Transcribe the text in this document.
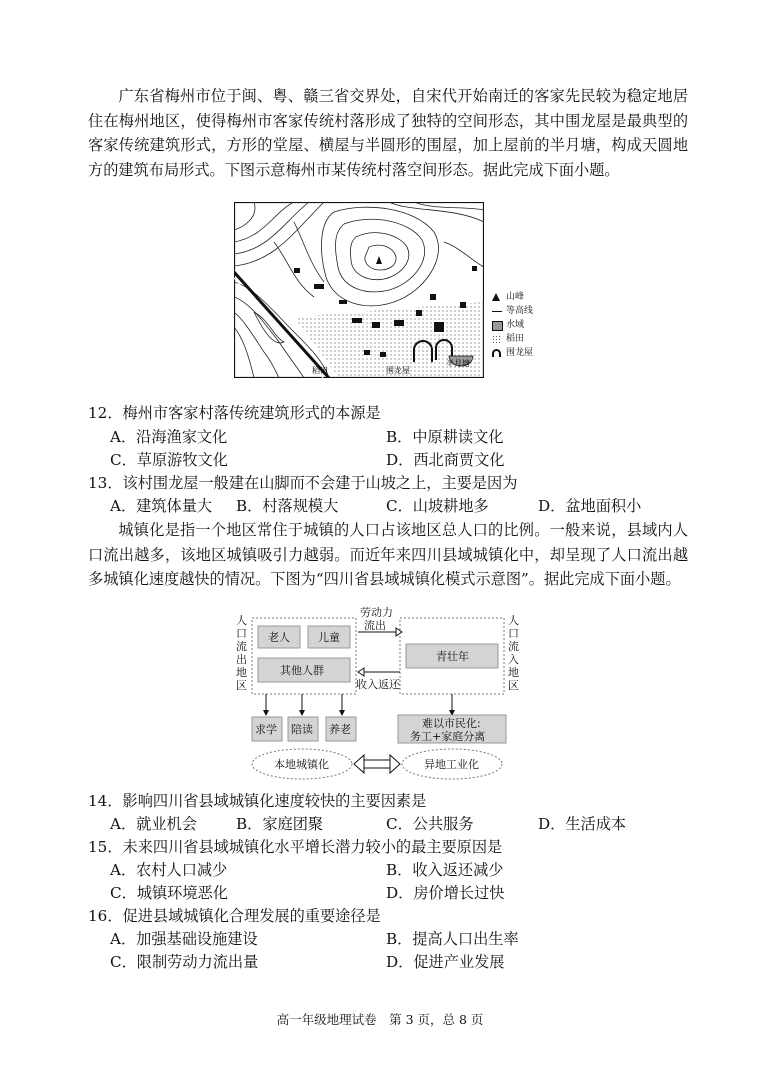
广东省梅州市位于闽、粤、赣三省交界处，自宋代开始南迁的客家先民较为稳定地居住在梅州地区，使得梅州市客家传统村落形成了独特的空间形态，其中围龙屋是最典型的客家传统建筑形式，方形的堂屋、横屋与半圆形的围屋，加上屋前的半月塘，构成天圆地方的建筑布局形式。下图示意梅州市某传统村落空间形态。据此完成下面小题。
稻田	围龙屋
半月塘
山峰
等高线
水域
稻田
围龙屋
12．梅州市客家村落传统建筑形式的本源是
A．沿海渔家文化	B．中原耕读文化
C．草原游牧文化	D．西北商贾文化
13．该村围龙屋一般建在山脚而不会建于山坡之上，主要是因为
A．建筑体量大 B．村落规模大	C．山坡耕地多	D．盆地面积小
城镇化是指一个地区常住于城镇的人口占该地区总人口的比例。一般来说，县域内人口流出越多，该地区城镇吸引力越弱。而近年来四川县域城镇化中，却呈现了人口流出越多城镇化速度越快的情况。下图为“四川省县域城镇化模式示意图”。据此完成下面小题。
人口流出地区
人口流入地区
老人	儿童
其他人群
青壮年
劳动力流出
收入返还
求学 陪读 养老	难以市民化:
务工+家庭分离
本地城镇化	异地工业化
14．影响四川省县域城镇化速度较快的主要因素是
A．就业机会	B．家庭团聚	C．公共服务	D．生活成本
15．未来四川省县域城镇化水平增长潜力较小的最主要原因是
A．农村人口减少	B．收入返还减少
C．城镇环境恶化	D．房价增长过快
16．促进县域城镇化合理发展的重要途径是
A．加强基础设施建设	B．提高人口出生率
C．限制劳动力流出量	D．促进产业发展
高一年级地理试卷　第 3 页，总 8 页
